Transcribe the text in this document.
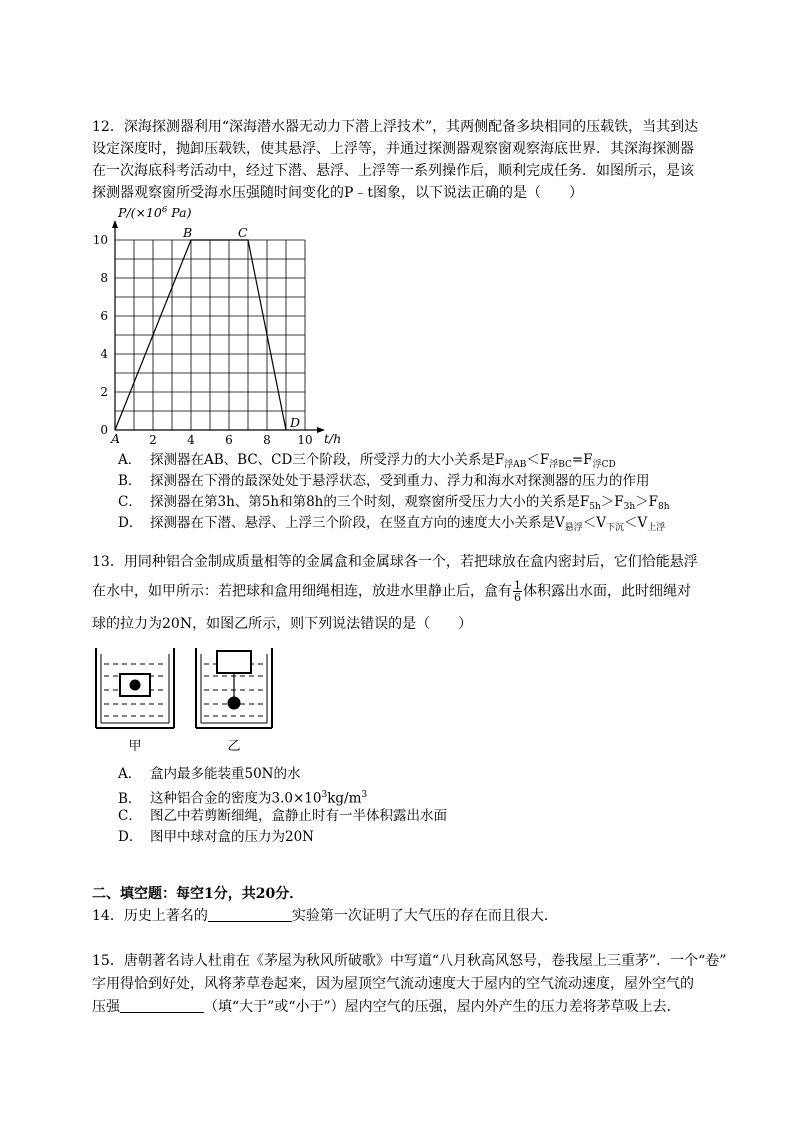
12．深海探测器利用“深海潜水器无动力下潜上浮技术”，其两侧配备多块相同的压载铁，当其到达
设定深度时，抛卸压载铁，使其悬浮、上浮等，并通过探测器观察窗观察海底世界．其深海探测器
在一次海底科考活动中，经过下潜、悬浮、上浮等一系列操作后，顺利完成任务．如图所示，是该
探测器观察窗所受海水压强随时间变化的P﹣t图象，以下说法正确的是（　　）
2	4	6	8 10
0
2
4
6
8
10
A
B	C
D
$P/(\times 10^6$ Pa)
t/h
A． 探测器在AB、BC、CD三个阶段，所受浮力的大小关系是$F_{浮AB}<F_{浮BC}=F_{浮CD}$
B． 探测器在下滑的最深处处于悬浮状态，受到重力、浮力和海水对探测器的压力的作用
C． 探测器在第3h、第5h和第8h的三个时刻，观察窗所受压力大小的关系是$F_{5h}>F_{3h}>F_{8h}$
D． 探测器在下潜、悬浮、上浮三个阶段，在竖直方向的速度大小关系是$V_{悬浮}<V_{下沉}<V_{上浮}$
13．用同种铝合金制成质量相等的金属盒和金属球各一个，若把球放在盒内密封后，它们恰能悬浮
在水中，如甲所示：若把球和盒用细绳相连，放进水里静止后，盒有 $\frac{1}{6}$ 体积露出水面，此时细绳对
球的拉力为20N，如图乙所示，则下列说法错误的是（　　）
甲	乙
A． 盒内最多能装重50N的水
B． 这种铝合金的密度为$3.0\times 10^3kg/m^3$
C． 图乙中若剪断细绳，盒静止时有一半体积露出水面
D． 图甲中球对盒的压力为20N
二、填空题：每空1分，共20分．
14．历史上著名的	实验第一次证明了大气压的存在而且很大．
15．唐朝著名诗人杜甫在《茅屋为秋风所破歌》中写道“八月秋高风怒号，卷我屋上三重茅”．一个“卷”
字用得恰到好处，风将茅草卷起来，因为屋顶空气流动速度大于屋内的空气流动速度，屋外空气的
压强	（填“大于”或“小于”）屋内空气的压强，屋内外产生的压力差将茅草吸上去．
